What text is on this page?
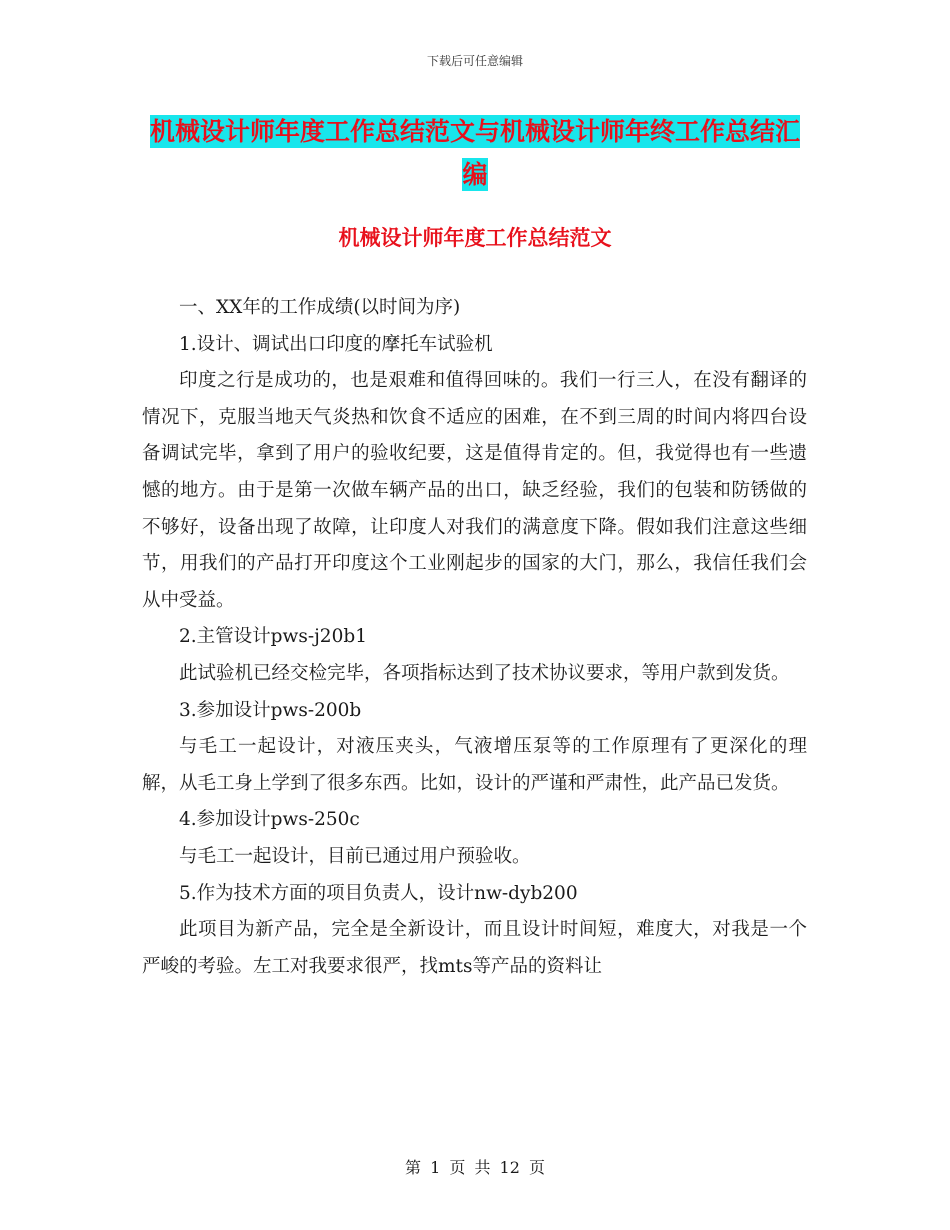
下载后可任意编辑
机械设计师年度工作总结范文与机械设计师年终工作总结汇编
机械设计师年度工作总结范文

一、XX年的工作成绩(以时间为序)

1.设计、调试出口印度的摩托车试验机

印度之行是成功的，也是艰难和值得回味的。我们一行三人，在没有翻译的情况下，克服当地天气炎热和饮食不适应的困难，在不到三周的时间内将四台设备调试完毕，拿到了用户的验收纪要，这是值得肯定的。但，我觉得也有一些遗憾的地方。由于是第一次做车辆产品的出口，缺乏经验，我们的包装和防锈做的不够好，设备出现了故障，让印度人对我们的满意度下降。假如我们注意这些细节，用我们的产品打开印度这个工业刚起步的国家的大门，那么，我信任我们会从中受益。

2.主管设计pws-j20b1

此试验机已经交检完毕，各项指标达到了技术协议要求，等用户款到发货。

3.参加设计pws-200b

与毛工一起设计，对液压夹头，气液增压泵等的工作原理有了更深化的理解，从毛工身上学到了很多东西。比如，设计的严谨和严肃性，此产品已发货。

4.参加设计pws-250c

与毛工一起设计，目前已通过用户预验收。

5.作为技术方面的项目负责人，设计nw-dyb200

此项目为新产品，完全是全新设计，而且设计时间短，难度大，对我是一个严峻的考验。左工对我要求很严，找mts等产品的资料让

第 1 页 共 12 页
